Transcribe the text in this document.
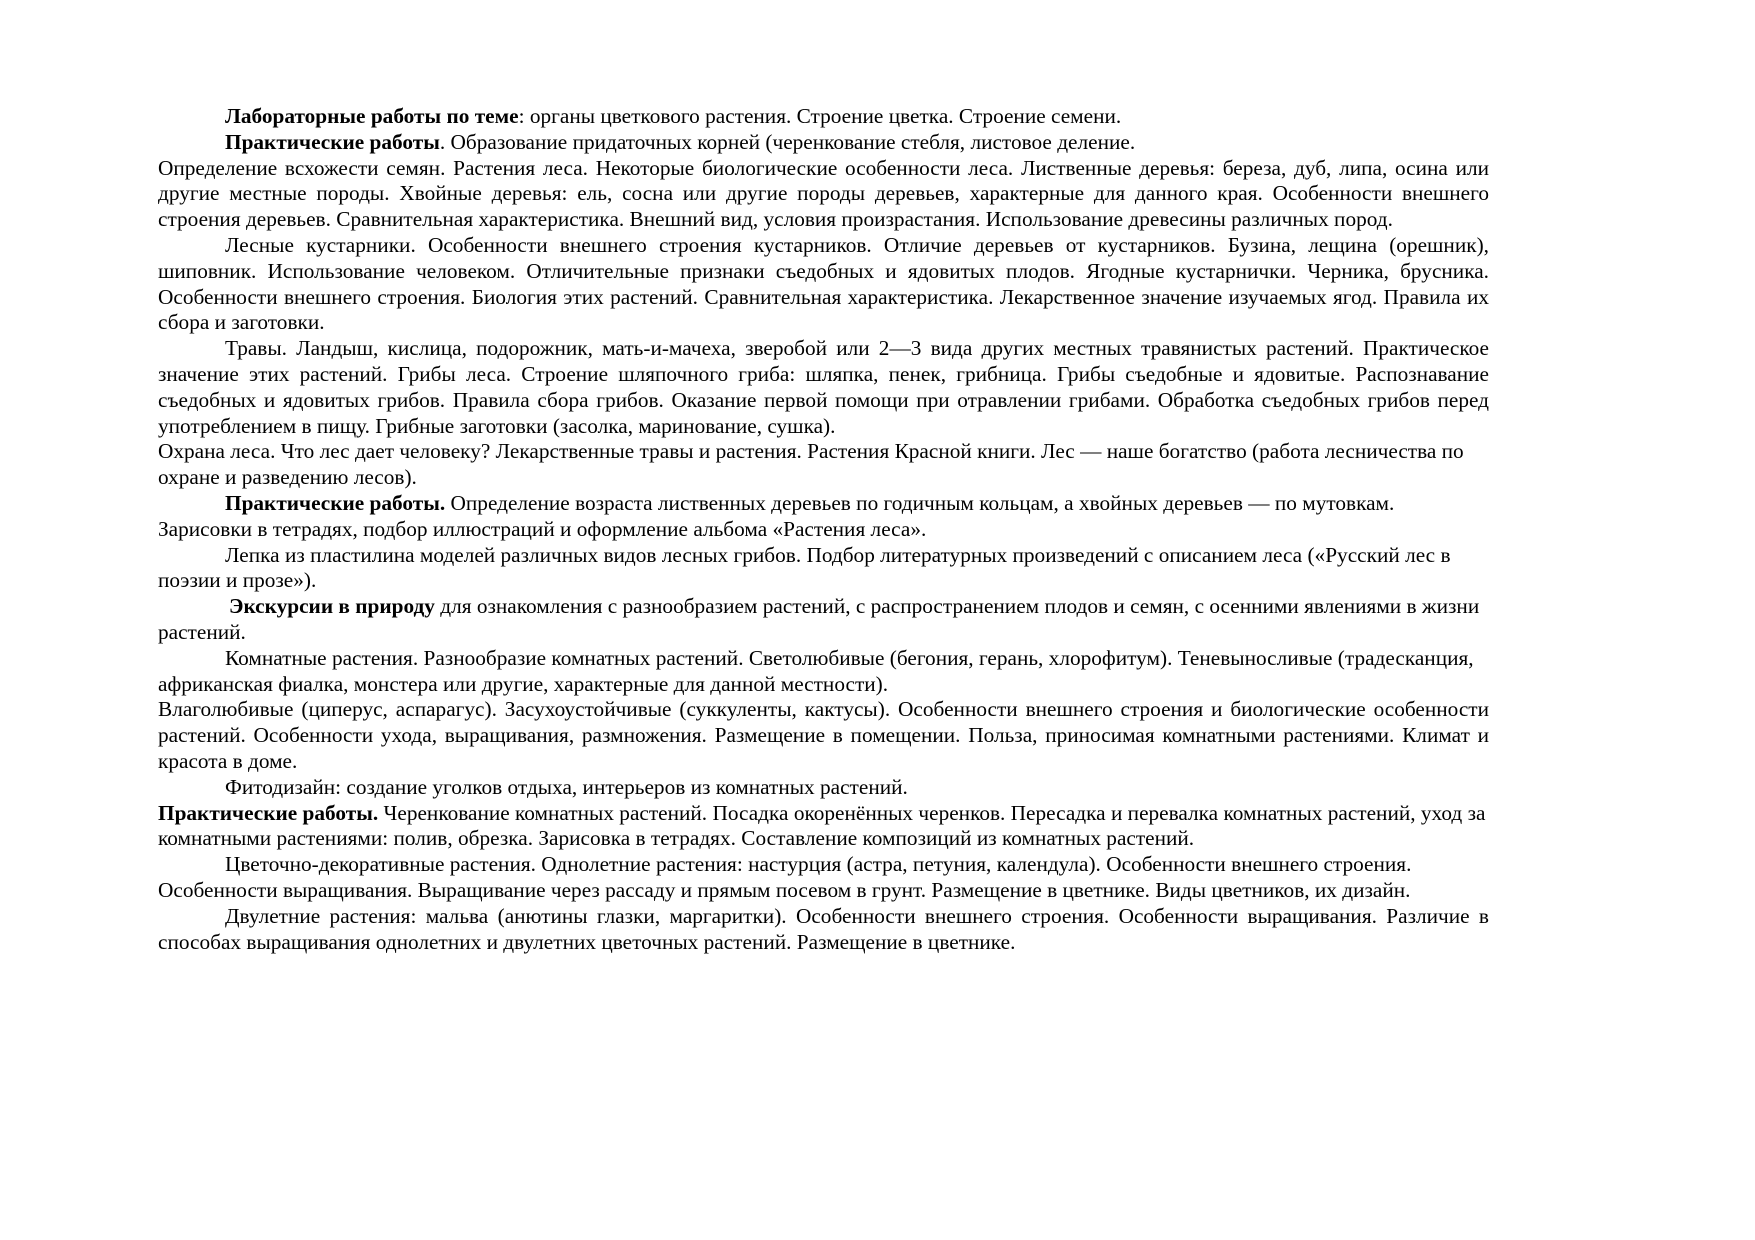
Лабораторные работы по теме: органы цветкового растения. Строение цветка. Строение семени.

Практические работы. Образование придаточных корней (черенкование стебля, листовое деление.

Определение всхожести семян. Растения леса. Некоторые биологические особенности леса. Лиственные деревья: береза, дуб, липа, осина или другие местные породы. Хвойные деревья: ель, сосна или другие породы деревьев, характерные для данного края. Особенности внешнего строения деревьев. Сравнительная характеристика. Внешний вид, условия произрастания. Использование древесины различных пород.

Лесные кустарники. Особенности внешнего строения кустарников. Отличие деревьев от кустарников. Бузина, лещина (орешник), шиповник. Использование человеком. Отличительные признаки съедобных и ядовитых плодов. Ягодные кустарнички. Черника, брусника. Особенности внешнего строения. Биология этих растений. Сравнительная характеристика. Лекарственное значение изучаемых ягод. Правила их сбора и заготовки.

Травы. Ландыш, кислица, подорожник, мать-и-мачеха, зверобой или 2—3 вида других местных травянистых растений. Практическое значение этих растений. Грибы леса. Строение шляпочного гриба: шляпка, пенек, грибница. Грибы съедобные и ядовитые. Распознавание съедобных и ядовитых грибов. Правила сбора грибов. Оказание первой помощи при отравлении грибами. Обработка съедобных грибов перед употреблением в пищу. Грибные заготовки (засолка, маринование, сушка).

Охрана леса. Что лес дает человеку? Лекарственные травы и растения. Растения Красной книги. Лес — наше богатство (работа лесничества по охране и разведению лесов).

Практические работы. Определение возраста лиственных деревьев по годичным кольцам, а хвойных деревьев — по мутовкам. Зарисовки в тетрадях, подбор иллюстраций и оформление альбома «Растения леса».

Лепка из пластилина моделей различных видов лесных грибов. Подбор литературных произведений с описанием леса («Русский лес в поэзии и прозе»).

Экскурсии в природу для ознакомления с разнообразием растений, с распространением плодов и семян, с осенними явлениями в жизни растений.

Комнатные растения. Разнообразие комнатных растений. Светолюбивые (бегония, герань, хлорофитум). Теневыносливые (традесканция, африканская фиалка, монстера или другие, характерные для данной местности).

Влаголюбивые (циперус, аспарагус). Засухоустойчивые (суккуленты, кактусы). Особенности внешнего строения и биологические особенности растений. Особенности ухода, выращивания, размножения. Размещение в помещении. Польза, приносимая комнатными растениями. Климат и красота в доме.

Фитодизайн: создание уголков отдыха, интерьеров из комнатных растений.

Практические работы. Черенкование комнатных растений. Посадка окоренённых черенков. Пересадка и перевалка комнатных растений, уход за комнатными растениями: полив, обрезка. Зарисовка в тетрадях. Составление композиций из комнатных растений.

Цветочно-декоративные растения. Однолетние растения: настурция (астра, петуния, календула). Особенности внешнего строения. Особенности выращивания. Выращивание через рассаду и прямым посевом в грунт. Размещение в цветнике. Виды цветников, их дизайн.

Двулетние растения: мальва (анютины глазки, маргаритки). Особенности внешнего строения. Особенности выращивания. Различие в способах выращивания однолетних и двулетних цветочных растений. Размещение в цветнике.
